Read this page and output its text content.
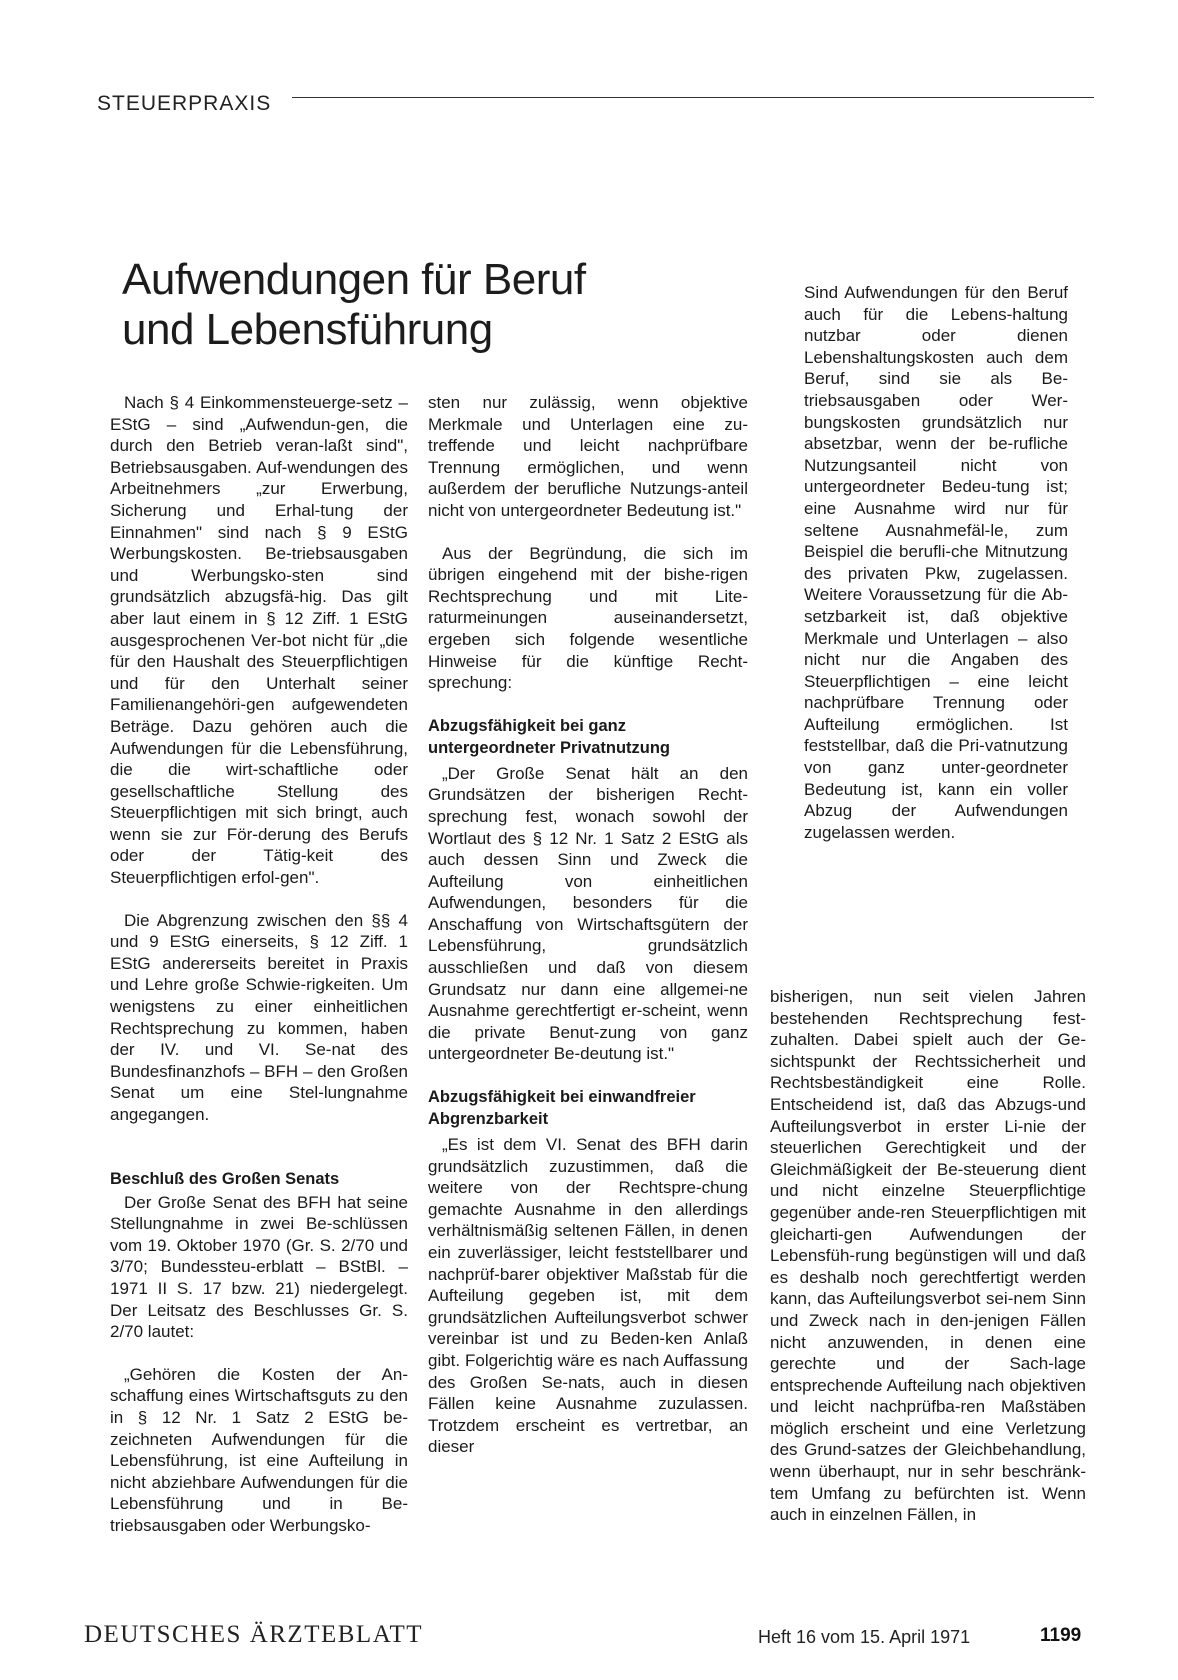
STEUERPRAXIS
Aufwendungen für Beruf
und Lebensführung

Nach § 4 Einkommensteuerge-setz – EStG – sind „Aufwendun-gen, die durch den Betrieb veran-laßt sind", Betriebsausgaben. Auf-wendungen des Arbeitnehmers „zur Erwerbung, Sicherung und Erhal-tung der Einnahmen" sind nach § 9 EStG Werbungskosten. Be-triebsausgaben und Werbungsko-sten sind grundsätzlich abzugsfä-hig. Das gilt aber laut einem in § 12 Ziff. 1 EStG ausgesprochenen Ver-bot nicht für „die für den Haushalt des Steuerpflichtigen und für den Unterhalt seiner Familienangehöri-gen aufgewendeten Beträge. Dazu gehören auch die Aufwendungen für die Lebensführung, die die wirt-schaftliche oder gesellschaftliche Stellung des Steuerpflichtigen mit sich bringt, auch wenn sie zur För-derung des Berufs oder der Tätig-keit des Steuerpflichtigen erfol-gen".

Die Abgrenzung zwischen den §§ 4 und 9 EStG einerseits, § 12 Ziff. 1 EStG andererseits bereitet in Praxis und Lehre große Schwie-rigkeiten. Um wenigstens zu einer einheitlichen Rechtsprechung zu kommen, haben der IV. und VI. Se-nat des Bundesfinanzhofs – BFH – den Großen Senat um eine Stel-lungnahme angegangen.

Beschluß des Großen Senats

Der Große Senat des BFH hat seine Stellungnahme in zwei Be-schlüssen vom 19. Oktober 1970 (Gr. S. 2/70 und 3/70; Bundessteu-erblatt – BStBl. – 1971 II S. 17 bzw. 21) niedergelegt. Der Leitsatz des Beschlusses Gr. S. 2/70 lautet:

„Gehören die Kosten der An-schaffung eines Wirtschaftsguts zu den in § 12 Nr. 1 Satz 2 EStG be-zeichneten Aufwendungen für die Lebensführung, ist eine Aufteilung in nicht abziehbare Aufwendungen für die Lebensführung und in Be-triebsausgaben oder Werbungsko-

sten nur zulässig, wenn objektive Merkmale und Unterlagen eine zu-treffende und leicht nachprüfbare Trennung ermöglichen, und wenn außerdem der berufliche Nutzungs-anteil nicht von untergeordneter Bedeutung ist."

Aus der Begründung, die sich im übrigen eingehend mit der bishe-rigen Rechtsprechung und mit Lite-raturmeinungen auseinandersetzt, ergeben sich folgende wesentliche Hinweise für die künftige Recht-sprechung:

Abzugsfähigkeit bei ganz untergeordneter Privatnutzung

„Der Große Senat hält an den Grundsätzen der bisherigen Recht-sprechung fest, wonach sowohl der Wortlaut des § 12 Nr. 1 Satz 2 EStG als auch dessen Sinn und Zweck die Aufteilung von einheitlichen Aufwendungen, besonders für die Anschaffung von Wirtschaftsgütern der Lebensführung, grundsätzlich ausschließen und daß von diesem Grundsatz nur dann eine allgemei-ne Ausnahme gerechtfertigt er-scheint, wenn die private Benut-zung von ganz untergeordneter Be-deutung ist."

Abzugsfähigkeit bei einwandfreier Abgrenzbarkeit

„Es ist dem VI. Senat des BFH darin grundsätzlich zuzustimmen, daß die weitere von der Rechtspre-chung gemachte Ausnahme in den allerdings verhältnismäßig seltenen Fällen, in denen ein zuverlässiger, leicht feststellbarer und nachprüf-barer objektiver Maßstab für die Aufteilung gegeben ist, mit dem grundsätzlichen Aufteilungsverbot schwer vereinbar ist und zu Beden-ken Anlaß gibt. Folgerichtig wäre es nach Auffassung des Großen Se-nats, auch in diesen Fällen keine Ausnahme zuzulassen. Trotzdem erscheint es vertretbar, an dieser

Sind Aufwendungen für den Beruf auch für die Lebens-haltung nutzbar oder dienen Lebenshaltungskosten auch dem Beruf, sind sie als Be-triebsausgaben oder Wer-bungskosten grundsätzlich nur absetzbar, wenn der be-rufliche Nutzungsanteil nicht von untergeordneter Bedeu-tung ist; eine Ausnahme wird nur für seltene Ausnahmefäl-le, zum Beispiel die berufli-che Mitnutzung des privaten Pkw, zugelassen. Weitere Voraussetzung für die Ab-setzbarkeit ist, daß objektive Merkmale und Unterlagen – also nicht nur die Angaben des Steuerpflichtigen – eine leicht nachprüfbare Trennung oder Aufteilung ermöglichen. Ist feststellbar, daß die Pri-vatnutzung von ganz unter-geordneter Bedeutung ist, kann ein voller Abzug der Aufwendungen zugelassen werden.

bisherigen, nun seit vielen Jahren bestehenden Rechtsprechung fest-zuhalten. Dabei spielt auch der Ge-sichtspunkt der Rechtssicherheit und Rechtsbeständigkeit eine Rolle. Entscheidend ist, daß das Abzugs-und Aufteilungsverbot in erster Li-nie der steuerlichen Gerechtigkeit und der Gleichmäßigkeit der Be-steuerung dient und nicht einzelne Steuerpflichtige gegenüber ande-ren Steuerpflichtigen mit gleicharti-gen Aufwendungen der Lebensfüh-rung begünstigen will und daß es deshalb noch gerechtfertigt werden kann, das Aufteilungsverbot sei-nem Sinn und Zweck nach in den-jenigen Fällen nicht anzuwenden, in denen eine gerechte und der Sach-lage entsprechende Aufteilung nach objektiven und leicht nachprüfba-ren Maßstäben möglich erscheint und eine Verletzung des Grund-satzes der Gleichbehandlung, wenn überhaupt, nur in sehr beschränk-tem Umfang zu befürchten ist. Wenn auch in einzelnen Fällen, in

DEUTSCHES ÄRZTEBLATT	Heft 16 vom 15. April 1971	1199
